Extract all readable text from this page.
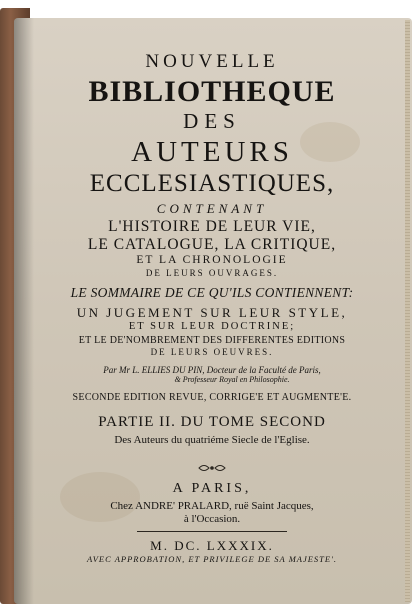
NOUVELLE

BIBLIOTHEQUE

DES

AUTEURS

ECCLESIASTIQUES,

CONTENANT

L'HISTOIRE DE LEUR VIE,

LE CATALOGUE, LA CRITIQUE,

ET LA CHRONOLOGIE

DE LEURS OUVRAGES.

LE SOMMAIRE DE CE QU'ILS CONTIENNENT:

UN JUGEMENT SUR LEUR STYLE,

ET SUR LEUR DOCTRINE;

ET LE DE'NOMBREMENT DES DIFFERENTES EDITIONS

DE LEURS OEUVRES.

Par Mr L. ELLIES DU PIN, Docteur de la Faculté de Paris,

& Professeur Royal en Philosophie.

SECONDE EDITION REVUE, CORRIGE'E ET AUGMENTE'E.

PARTIE II. DU TOME SECOND

Des Auteurs du quatriéme Siecle de l'Eglise.

A PARIS,

Chez ANDRE' PRALARD, ruë Saint Jacques,

à l'Occasion.

M. DC. LXXXIX.

AVEC APPROBATION, ET PRIVILEGE DE SA MAJESTE'.
